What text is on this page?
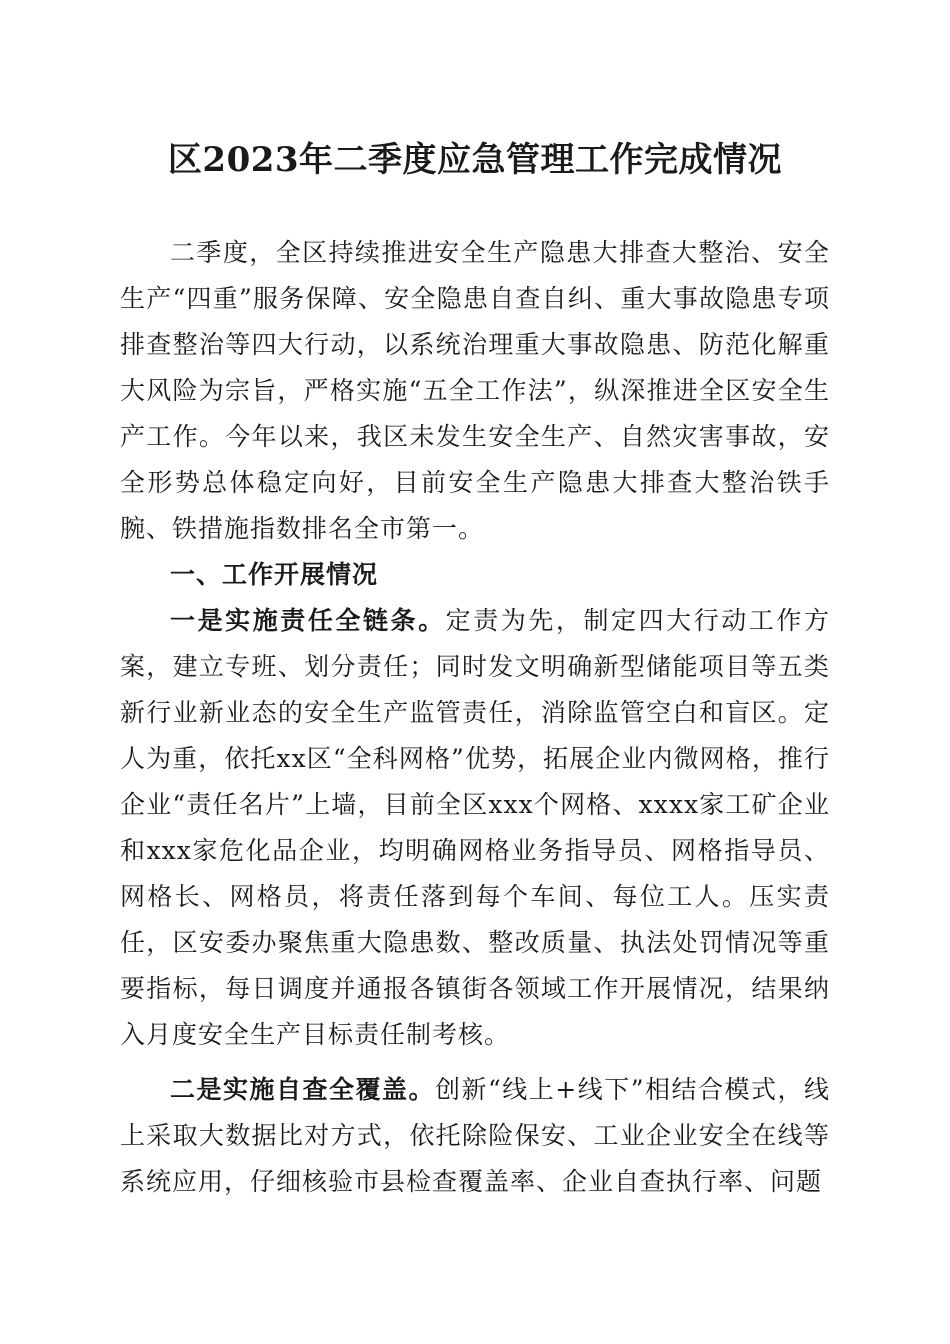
区2023年二季度应急管理工作完成情况

二季度，全区持续推进安全生产隐患大排查大整治、安全生产“四重”服务保障、安全隐患自查自纠、重大事故隐患专项排查整治等四大行动，以系统治理重大事故隐患、防范化解重大风险为宗旨，严格实施“五全工作法”，纵深推进全区安全生产工作。今年以来，我区未发生安全生产、自然灾害事故，安全形势总体稳定向好，目前安全生产隐患大排查大整治铁手腕、铁措施指数排名全市第一。

一、工作开展情况

一是实施责任全链条。定责为先，制定四大行动工作方案，建立专班、划分责任；同时发文明确新型储能项目等五类新行业新业态的安全生产监管责任，消除监管空白和盲区。定人为重，依托xx区“全科网格”优势，拓展企业内微网格，推行企业“责任名片”上墙，目前全区xxx个网格、xxxx家工矿企业和xxx家危化品企业，均明确网格业务指导员、网格指导员、网格长、网格员，将责任落到每个车间、每位工人。压实责任，区安委办聚焦重大隐患数、整改质量、执法处罚情况等重要指标，每日调度并通报各镇街各领域工作开展情况，结果纳入月度安全生产目标责任制考核。

二是实施自查全覆盖。创新“线上+线下”相结合模式，线上采取大数据比对方式，依托除险保安、工业企业安全在线等系统应用，仔细核验市县检查覆盖率、企业自查执行率、问题
